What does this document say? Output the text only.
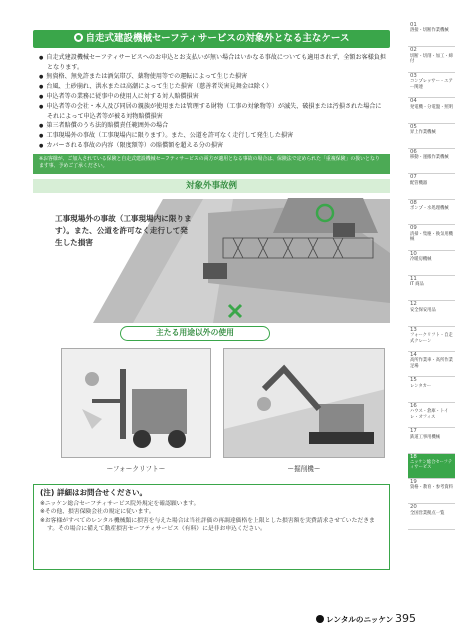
自走式建設機械セーフティサービスの対象外となる主なケース
● 自走式建設機械セーフティサービスへのお申込とお支払いが無い場合はいかなる事故についても適用されず、全額お客様負担となります。
● 無資格、無免許または酒気帯び、薬物使用等での運転によって生じた損害
● 台風、土砂崩れ、洪水または高潮によって生じた損害（慈善者災害見舞金は除く）
● 申込者等の業務に従事中の使用人に対する対人賠償損害
● 申込者等の会社・本人及び同居の親族が使用または管理する財物（工事の対象物等）が滅失、破損または汚損された場合にそれによって申込者等が被る対物賠償損害
● 第三者賠償のうち法的賠償責任範囲外の場合
● 工事現場外の事故（工事現場内に限ります）。また、公道を許可なく走行して発生した損害
● カバーされる事故の内容（限度額等）の賠償額を超える分の損害
※お客様が、ご加入されている保険と自走式建設機械セーフティサービスの両方が適用となる事故の場合は、保険法で定められた「重複保険」の扱いとなります事、予めご了承ください。
対象外事故例
工事現場外の事故（工事現場内に限ります）。また、公道を許可なく走行して発生した損害
主たる用途以外の使用
ーフォークリフトー	ー掘削機ー
(注) 詳細はお問合せください。

※ニッケン総合セーフティサービス院外規定を確認願います。

※その他、損害保険会社の規定に従います。

※お客様がすべてのレンタル機械類に損害を与えた場合は当社評価の再調達価格を上限とした損害額を実費請求させていただきます。その場合に備えて動産損害セーフティサービス（有料）に是非お申込ください。

01
溶接・切断作業機械
02
切断・切削・加工・締付
03
コンプレッサー・エアー関連
04
発電機・分電盤・照明
05
昇上作業機械
06
移動・運搬作業機械
07
配管機器
08
ポンプ・水処理機械
09
清掃・集塵・換気用機械
10
冷暖房機械
11
IT 商品
12
安全保安用品
13
フォークリフト・自走式クレーン
14
高所作業車・高所作業足場
15
レンタカー
16
ハウス・倉庫・トイレ・オフィス
17
鉄道工事用機械
18
ニッケン総合セーフティサービス
19
資格・教育・参考資料
20
全国営業拠点一覧
レンタルのニッケン 395
